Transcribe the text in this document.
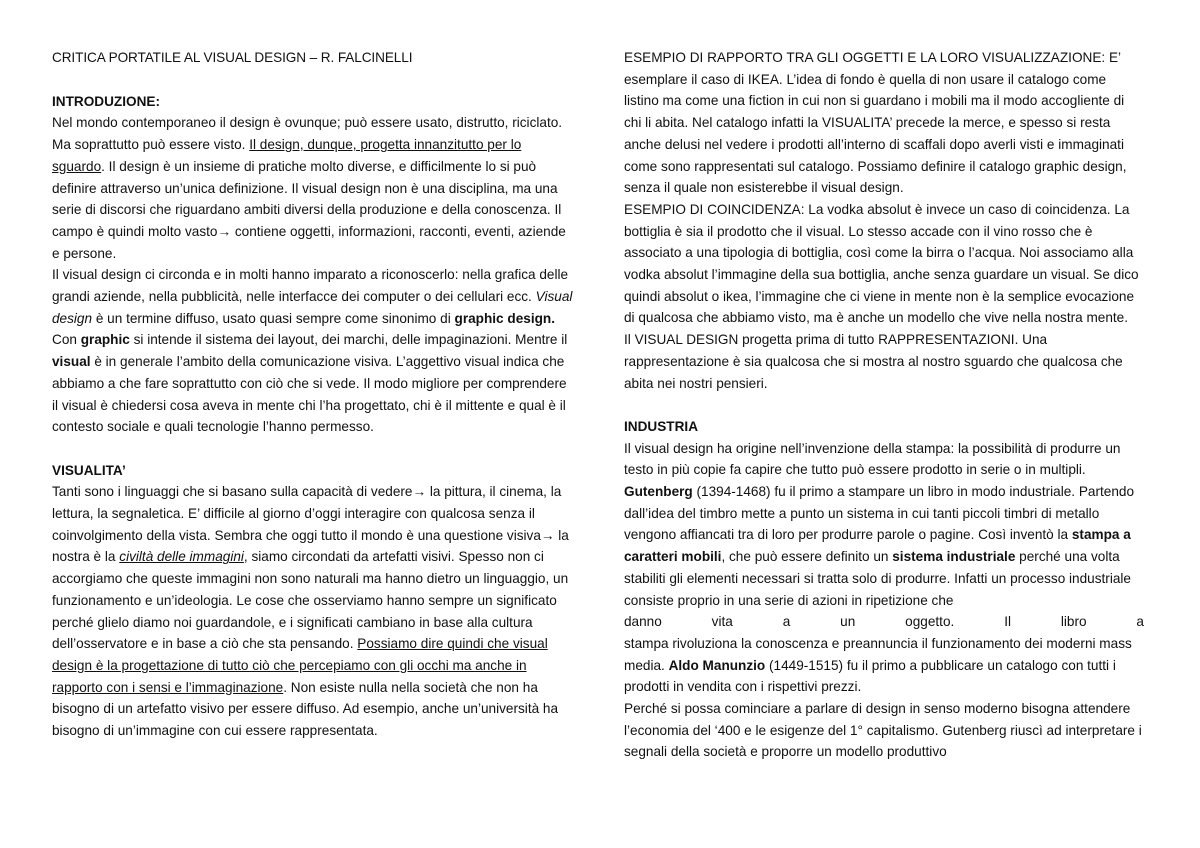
CRITICA PORTATILE AL VISUAL DESIGN – R. FALCINELLI

INTRODUZIONE:

Nel mondo contemporaneo il design è ovunque; può essere usato, distrutto, riciclato. Ma soprattutto può essere visto. Il design, dunque, progetta innanzitutto per lo sguardo. Il design è un insieme di pratiche molto diverse, e difficilmente lo si può definire attraverso un’unica definizione. Il visual design non è una disciplina, ma una serie di discorsi che riguardano ambiti diversi della produzione e della conoscenza. Il campo è quindi molto vasto→ contiene oggetti, informazioni, racconti, eventi, aziende e persone.

Il visual design ci circonda e in molti hanno imparato a riconoscerlo: nella grafica delle grandi aziende, nella pubblicità, nelle interfacce dei computer o dei cellulari ecc. Visual design è un termine diffuso, usato quasi sempre come sinonimo di graphic design. Con graphic si intende il sistema dei layout, dei marchi, delle impaginazioni. Mentre il visual è in generale l’ambito della comunicazione visiva. L’aggettivo visual indica che abbiamo a che fare soprattutto con ciò che si vede. Il modo migliore per comprendere il visual è chiedersi cosa aveva in mente chi l’ha progettato, chi è il mittente e qual è il contesto sociale e quali tecnologie l’hanno permesso.

VISUALITA’

Tanti sono i linguaggi che si basano sulla capacità di vedere→ la pittura, il cinema, la lettura, la segnaletica. E’ difficile al giorno d’oggi interagire con qualcosa senza il coinvolgimento della vista. Sembra che oggi tutto il mondo è una questione visiva→ la nostra è la civiltà delle immagini, siamo circondati da artefatti visivi. Spesso non ci accorgiamo che queste immagini non sono naturali ma hanno dietro un linguaggio, un funzionamento e un’ideologia. Le cose che osserviamo hanno sempre un significato perché glielo diamo noi guardandole, e i significati cambiano in base alla cultura dell’osservatore e in base a ciò che sta pensando. Possiamo dire quindi che visual design è la progettazione di tutto ciò che percepiamo con gli occhi ma anche in rapporto con i sensi e l’immaginazione. Non esiste nulla nella società che non ha bisogno di un artefatto visivo per essere diffuso. Ad esempio, anche un’università ha bisogno di un’immagine con cui essere rappresentata.

ESEMPIO DI RAPPORTO TRA GLI OGGETTI E LA LORO VISUALIZZAZIONE: E’ esemplare il caso di IKEA. L’idea di fondo è quella di non usare il catalogo come listino ma come una fiction in cui non si guardano i mobili ma il modo accogliente di chi li abita. Nel catalogo infatti la VISUALITA’ precede la merce, e spesso si resta anche delusi nel vedere i prodotti all’interno di scaffali dopo averli visti e immaginati come sono rappresentati sul catalogo. Possiamo definire il catalogo graphic design, senza il quale non esisterebbe il visual design.

ESEMPIO DI COINCIDENZA: La vodka absolut è invece un caso di coincidenza. La bottiglia è sia il prodotto che il visual. Lo stesso accade con il vino rosso che è associato a una tipologia di bottiglia, così come la birra o l’acqua. Noi associamo alla vodka absolut l’immagine della sua bottiglia, anche senza guardare un visual. Se dico quindi absolut o ikea, l’immagine che ci viene in mente non è la semplice evocazione di qualcosa che abbiamo visto, ma è anche un modello che vive nella nostra mente.

Il VISUAL DESIGN progetta prima di tutto RAPPRESENTAZIONI. Una rappresentazione è sia qualcosa che si mostra al nostro sguardo che qualcosa che abita nei nostri pensieri.

INDUSTRIA

Il visual design ha origine nell’invenzione della stampa: la possibilità di produrre un testo in più copie fa capire che tutto può essere prodotto in serie o in multipli. Gutenberg (1394-1468) fu il primo a stampare un libro in modo industriale. Partendo dall’idea del timbro mette a punto un sistema in cui tanti piccoli timbri di metallo vengono affiancati tra di loro per produrre parole o pagine. Così inventò la stampa a caratteri mobili, che può essere definito un sistema industriale perché una volta stabiliti gli elementi necessari si tratta solo di produrre. Infatti un processo industriale consiste proprio in una serie di azioni in ripetizione che

danno vita a un oggetto.	Il libro a

stampa rivoluziona la conoscenza e preannuncia il funzionamento dei moderni mass media. Aldo Manunzio (1449-1515) fu il primo a pubblicare un catalogo con tutti i prodotti in vendita con i rispettivi prezzi.

Perché si possa cominciare a parlare di design in senso moderno bisogna attendere l’economia del ‘400 e le esigenze del 1° capitalismo. Gutenberg riuscì ad interpretare i segnali della società e proporre un modello produttivo
